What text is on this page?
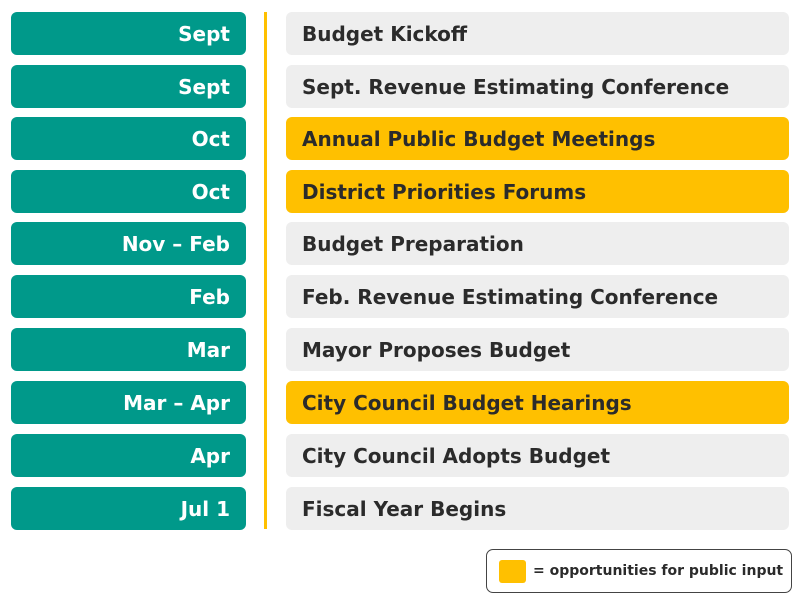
Sept	Budget Kickoff
Sept	Sept. Revenue Estimating Conference
Oct	Annual Public Budget Meetings
Oct	District Priorities Forums
Nov – Feb	Budget Preparation
Feb	Feb. Revenue Estimating Conference
Mar	Mayor Proposes Budget
Mar – Apr	City Council Budget Hearings
Apr	City Council Adopts Budget
Jul 1	Fiscal Year Begins
= opportunities for public input
